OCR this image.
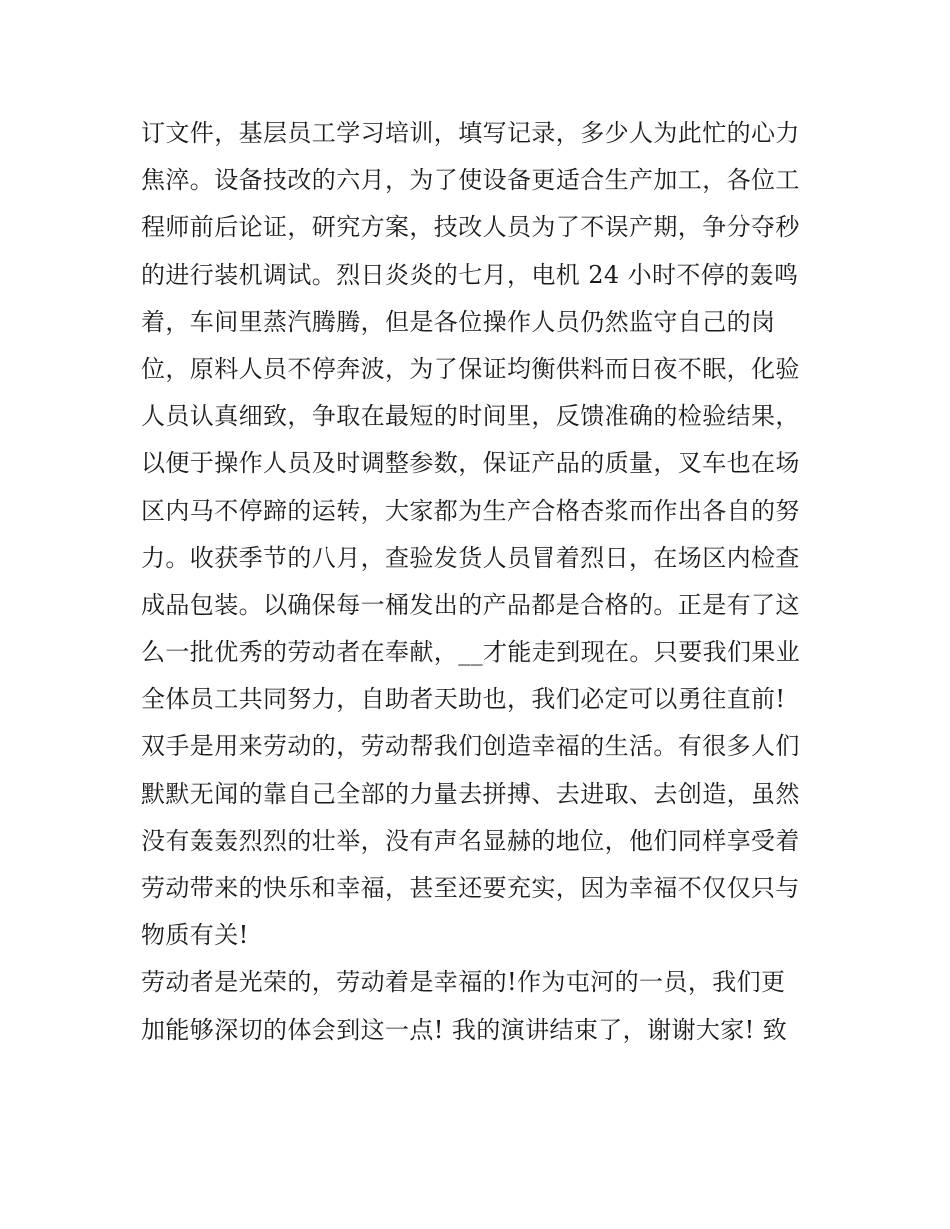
订文件，基层员工学习培训，填写记录，多少人为此忙的心力
焦淬。设备技改的六月，为了使设备更适合生产加工，各位工
程师前后论证，研究方案，技改人员为了不误产期，争分夺秒
的进行装机调试。烈日炎炎的七月，电机 24 小时不停的轰鸣
着，车间里蒸汽腾腾，但是各位操作人员仍然监守自己的岗
位，原料人员不停奔波，为了保证均衡供料而日夜不眠，化验
人员认真细致，争取在最短的时间里，反馈准确的检验结果，
以便于操作人员及时调整参数，保证产品的质量，叉车也在场
区内马不停蹄的运转，大家都为生产合格杏浆而作出各自的努
力。收获季节的八月，查验发货人员冒着烈日，在场区内检查
成品包装。以确保每一桶发出的产品都是合格的。正是有了这
么一批优秀的劳动者在奉献，__才能走到现在。只要我们果业
全体员工共同努力，自助者天助也，我们必定可以勇往直前!
双手是用来劳动的，劳动帮我们创造幸福的生活。有很多人们
默默无闻的靠自己全部的力量去拼搏、去进取、去创造，虽然
没有轰轰烈烈的壮举，没有声名显赫的地位，他们同样享受着
劳动带来的快乐和幸福，甚至还要充实，因为幸福不仅仅只与
物质有关!
劳动者是光荣的，劳动着是幸福的!作为屯河的一员，我们更
加能够深切的体会到这一点! 我的演讲结束了，谢谢大家! 致
